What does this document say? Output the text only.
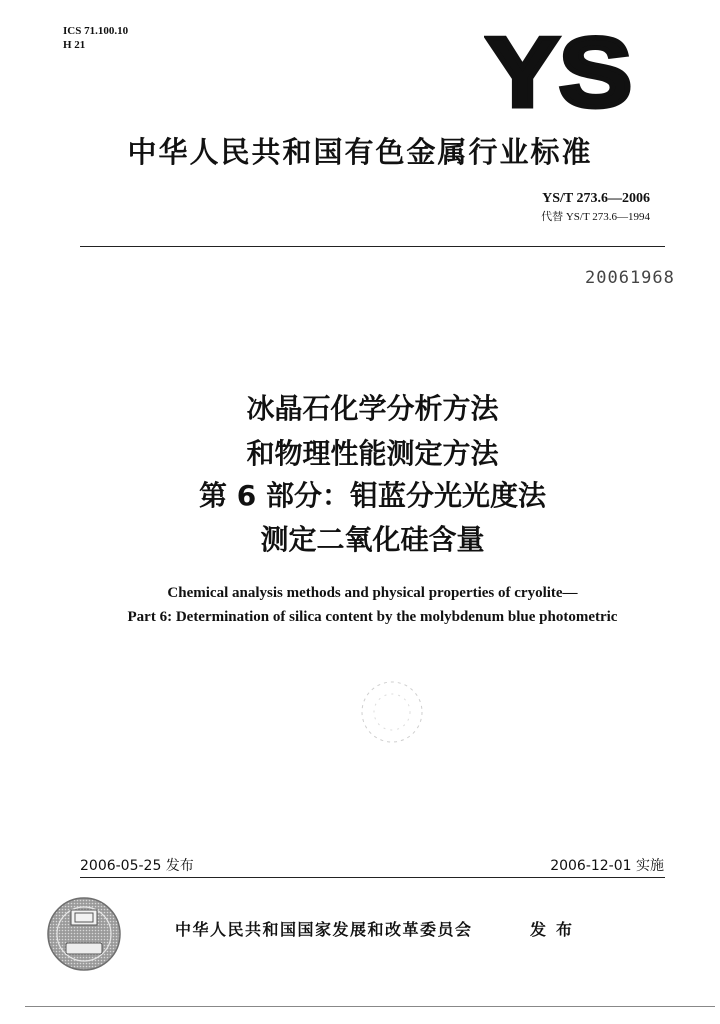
ICS 71.100.10
H 21	YS
中华人民共和国有色金属行业标准
YS/T 273.6—2006
代替 YS/T 273.6—1994
20061968
冰晶石化学分析方法
和物理性能测定方法
第 6 部分：钼蓝分光光度法
测定二氧化硅含量
Chemical analysis methods and physical properties of cryolite—
Part 6: Determination of silica content by the molybdenum blue photometric
2006-05-25 发布	2006-12-01 实施
中华人民共和国国家发展和改革委员会	发布
